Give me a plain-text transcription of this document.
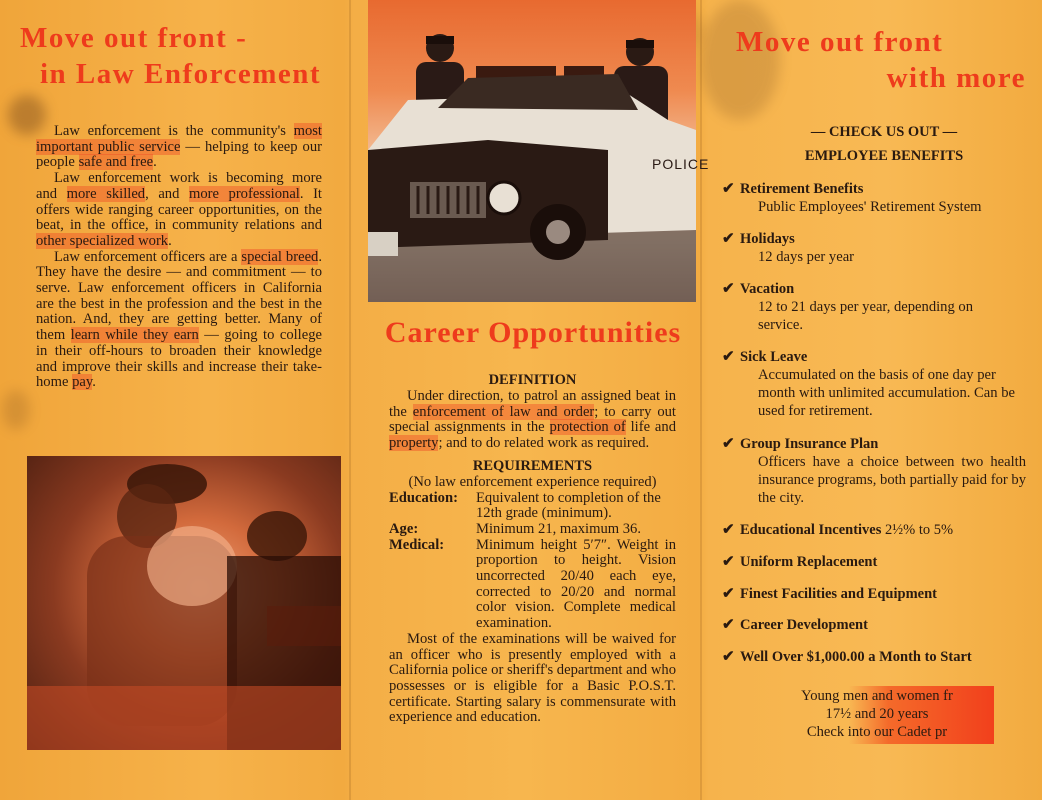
Move out front -
in Law Enforcement

Law enforcement is the community's most important public service — helping to keep our people safe and free.

Law enforcement work is becoming more and more skilled, and more professional. It offers wide ranging career opportunities, on the beat, in the office, in community relations and other specialized work.

Law enforcement officers are a special breed. They have the desire — and commitment — to serve. Law enforcement officers in California are the best in the profession and the best in the nation. And, they are getting better. Many of them learn while they earn — going to college in their off-hours to broaden their knowledge and improve their skills and increase their take-home pay.

POLICE
Career Opportunities
DEFINITION

Under direction, to patrol an assigned beat in the enforcement of law and order; to carry out special assignments in the protection of life and property; and to do related work as required.

REQUIREMENTS
(No law enforcement experience required)
Education:	Equivalent to completion of the 12th grade (minimum).
Age:	Minimum 21, maximum 36.
Medical:	Minimum height 5′7″. Weight in proportion to height. Vision uncorrected 20/40 each eye, corrected to 20/20 and normal color vision. Complete medical examination.

Most of the examinations will be waived for an officer who is presently employed with a California police or sheriff's department and who possesses or is eligible for a Basic P.O.S.T. certificate. Starting salary is commensurate with experience and education.

Move out front
with more
— CHECK US OUT —
EMPLOYEE BENEFITS
✔ Retirement Benefits
Public Employees' Retirement System
✔ Holidays
12 days per year
✔ Vacation
12 to 21 days per year, depending on service.
✔ Sick Leave
Accumulated on the basis of one day per month with unlimited accumulation. Can be used for retirement.
✔ Group Insurance Plan
Officers have a choice between two health insurance programs, both partially paid for by the city.
✔ Educational Incentives 2½% to 5%
✔ Uniform Replacement
✔ Finest Facilities and Equipment
✔ Career Development
✔ Well Over $1,000.00 a Month to Start
Young men and women fr
17½ and 20 years
Check into our Cadet pr
